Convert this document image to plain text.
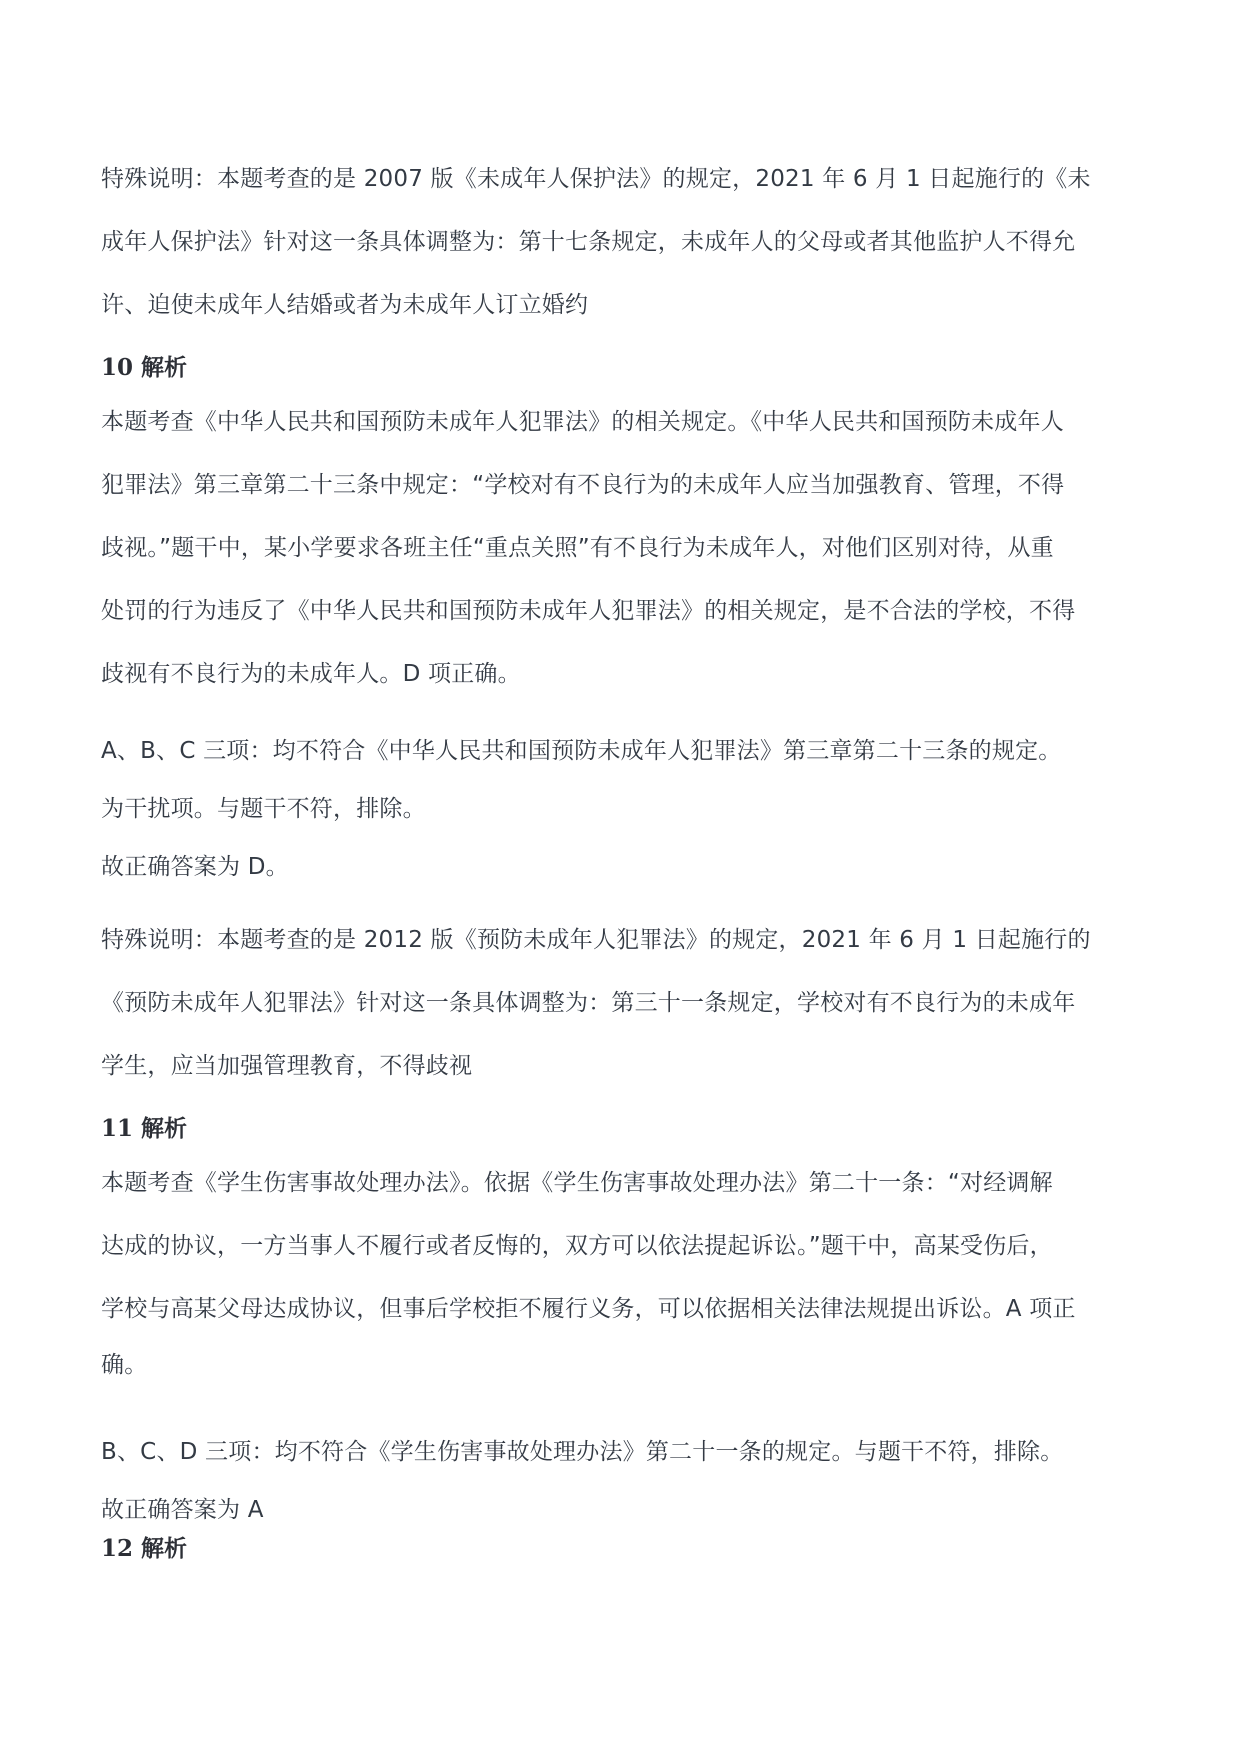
特殊说明：本题考查的是 2007 版《未成年人保护法》的规定，2021 年 6 月 1 日起施行的《未
成年人保护法》针对这一条具体调整为：第十七条规定，未成年人的父母或者其他监护人不得允
许、迫使未成年人结婚或者为未成年人订立婚约
10 解析
本题考查《中华人民共和国预防未成年人犯罪法》的相关规定。《中华人民共和国预防未成年人
犯罪法》第三章第二十三条中规定：“学校对有不良行为的未成年人应当加强教育、管理，不得
歧视。”题干中，某小学要求各班主任“重点关照”有不良行为未成年人，对他们区别对待，从重
处罚的行为违反了《中华人民共和国预防未成年人犯罪法》的相关规定，是不合法的学校，不得
歧视有不良行为的未成年人。D 项正确。
A、B、C 三项：均不符合《中华人民共和国预防未成年人犯罪法》第三章第二十三条的规定。
为干扰项。与题干不符，排除。
故正确答案为 D。
特殊说明：本题考查的是 2012 版《预防未成年人犯罪法》的规定，2021 年 6 月 1 日起施行的
《预防未成年人犯罪法》针对这一条具体调整为：第三十一条规定，学校对有不良行为的未成年
学生，应当加强管理教育，不得歧视
11 解析
本题考查《学生伤害事故处理办法》。依据《学生伤害事故处理办法》第二十一条：“对经调解
达成的协议，一方当事人不履行或者反悔的，双方可以依法提起诉讼。”题干中，高某受伤后，
学校与高某父母达成协议，但事后学校拒不履行义务，可以依据相关法律法规提出诉讼。A 项正
确。
B、C、D 三项：均不符合《学生伤害事故处理办法》第二十一条的规定。与题干不符，排除。
故正确答案为 A
12 解析
